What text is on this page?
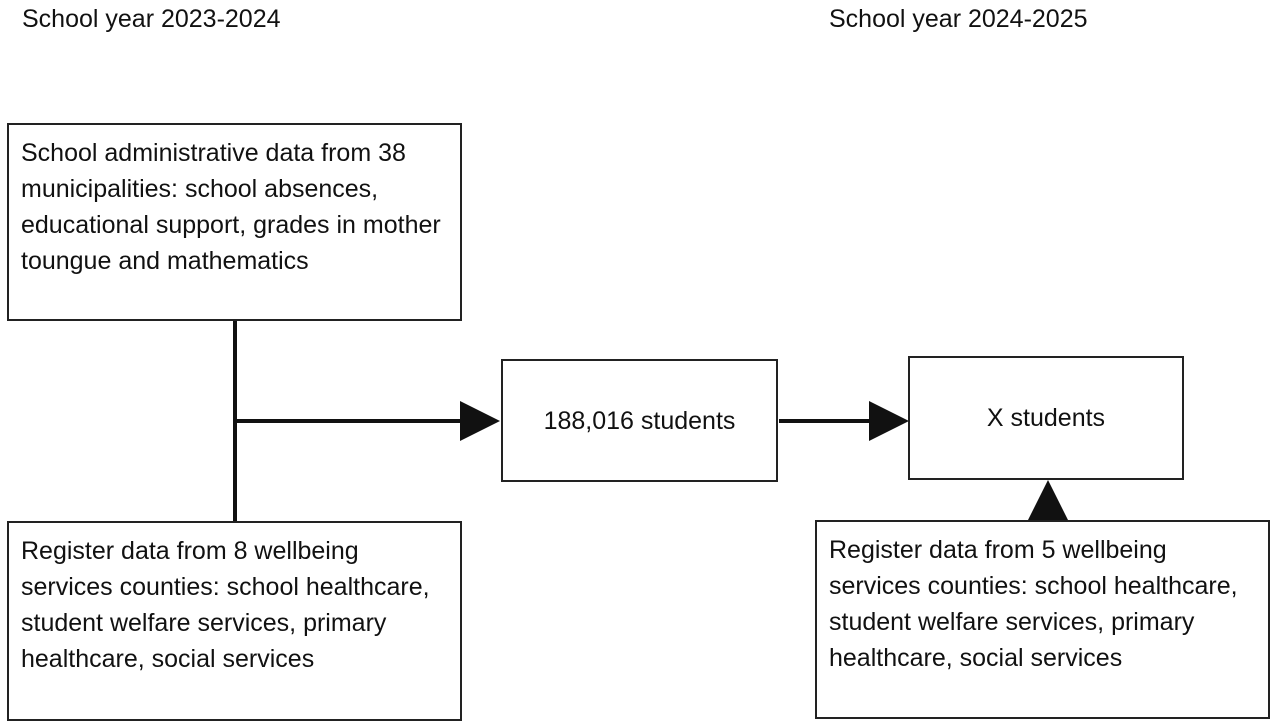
School year 2023-2024	School year 2024-2025
School administrative data from 38 municipalities: school absences, educational support, grades in mother toungue and mathematics
Register data from 8 wellbeing services counties: school healthcare, student welfare services, primary healthcare, social services
188,016 students	X students
Register data from 5 wellbeing services counties: school healthcare, student welfare services, primary healthcare, social services
